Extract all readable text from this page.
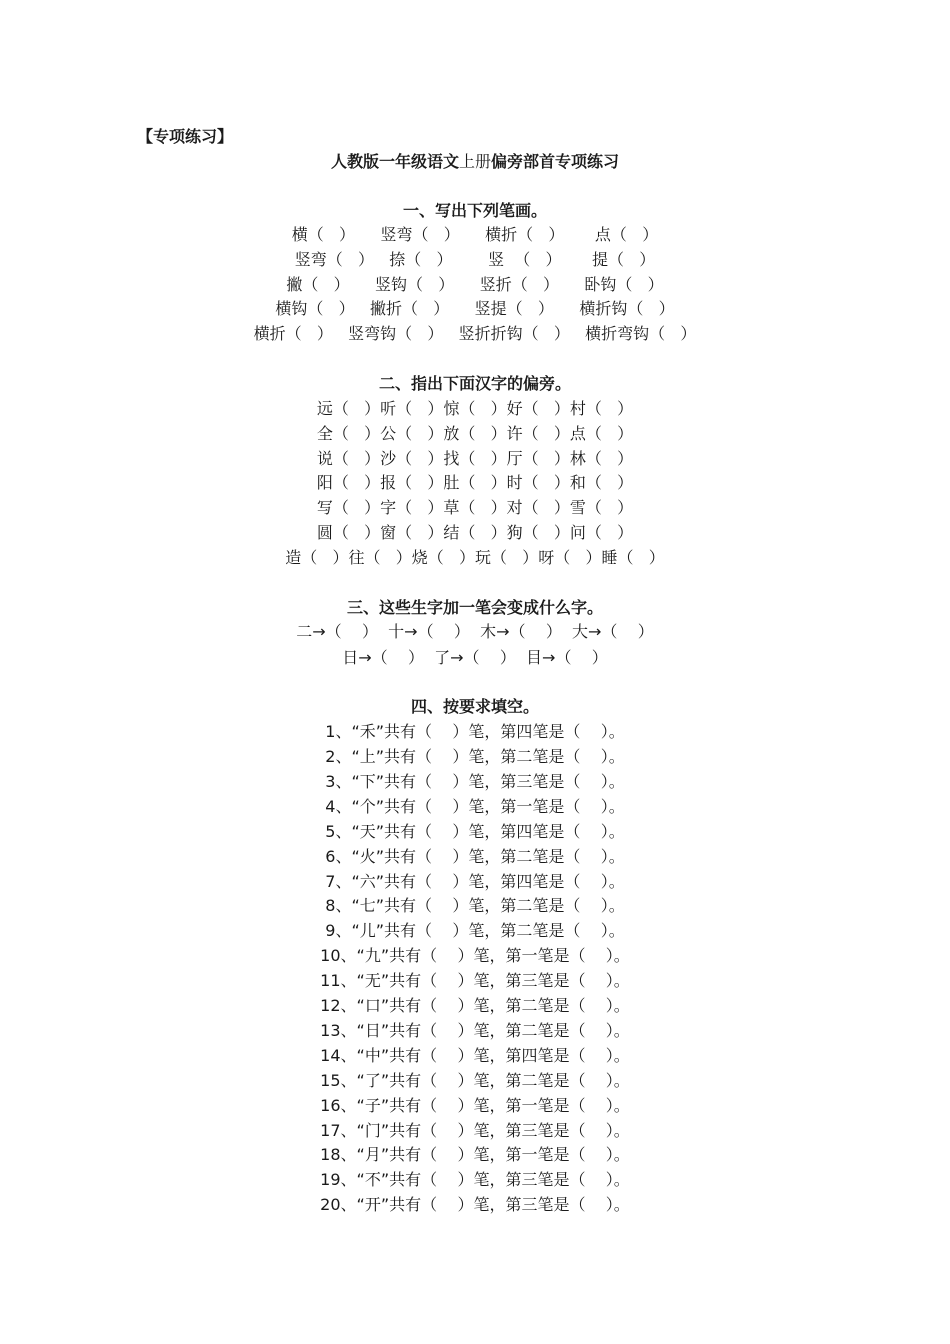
【专项练习】
人教版一年级语文上册偏旁部首专项练习
一、写出下列笔画。
横（   ）     竖弯（   ）     横折（   ）      点（   ）
竖弯（   ）   捺（   ）       竖  （   ）      提（   ）
撇（   ）     竖钩（   ）     竖折（   ）     卧钩（   ）
横钩（   ）   撇折（   ）     竖提（   ）     横折钩（   ）
横折（   ）   竖弯钩（   ）   竖折折钩（   ）   横折弯钩（   ）
二、指出下面汉字的偏旁。
远（   ）听（   ）惊（   ）好（   ）村（   ）
全（   ）公（   ）放（   ）许（   ）点（   ）
说（   ）沙（   ）找（   ）厅（   ）林（   ）
阳（   ）报（   ）肚（   ）时（   ）和（   ）
写（   ）字（   ）草（   ）对（   ）雪（   ）
圆（   ）窗（   ）结（   ）狗（   ）问（   ）
造（   ）往（   ）烧（   ）玩（   ）呀（   ）睡（   ）
三、这些生字加一笔会变成什么字。
二→（    ）  十→（    ）  木→（    ）  大→（    ）
日→（    ）  了→（    ）  目→（    ）
四、按要求填空。
1、“禾”共有（    ）笔，第四笔是（    ）。
2、“上”共有（    ）笔，第二笔是（    ）。
3、“下”共有（    ）笔，第三笔是（    ）。
4、“个”共有（    ）笔，第一笔是（    ）。
5、“天”共有（    ）笔，第四笔是（    ）。
6、“火”共有（    ）笔，第二笔是（    ）。
7、“六”共有（    ）笔，第四笔是（    ）。
8、“七”共有（    ）笔，第二笔是（    ）。
9、“儿”共有（    ）笔，第二笔是（    ）。
10、“九”共有（    ）笔，第一笔是（    ）。
11、“无”共有（    ）笔，第三笔是（    ）。
12、“口”共有（    ）笔，第二笔是（    ）。
13、“日”共有（    ）笔，第二笔是（    ）。
14、“中”共有（    ）笔，第四笔是（    ）。
15、“了”共有（    ）笔，第二笔是（    ）。
16、“子”共有（    ）笔，第一笔是（    ）。
17、“门”共有（    ）笔，第三笔是（    ）。
18、“月”共有（    ）笔，第一笔是（    ）。
19、“不”共有（    ）笔，第三笔是（    ）。
20、“开”共有（    ）笔，第三笔是（    ）。
